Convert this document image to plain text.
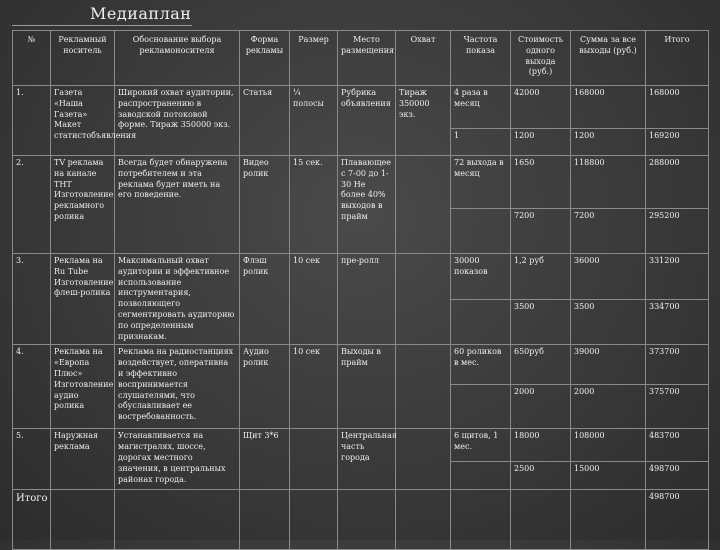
Медиаплан
№	Рекламный носитель	Обоснование выбора рекламоносителя	Форма рекламы	Размер	Место размещения	Охват	Частота показа	Стоимость одного выхода (руб.)	Сумма за все выходы (руб.)	Итого
1.	Газета «Наша Газета» Макет статистобъявления	Широкий охват аудитории, распространению в заводской потоковой форме. Тираж 350000 экз.	Статья	¼ полосы	Рубрика объявления	Тираж 350000 экз.	4 раза в месяц	42000	168000	168000
							1	1200	1200	169200
2.	TV реклама на канале ТНТ Изготовление рекламного ролика	Всегда будет обнаружена потребителем и эта реклама будет иметь на его поведение.	Видео ролик	15 сек.	Плавающее с 7-00 до 1-30 Не более 40% выходов в прайм		72 выхода в месяц	1650	118800	288000
								7200	7200	295200
3.	Реклама на Ru Tube Изготовление флеш-ролика	Максимальный охват аудитории и эффективное использование инструментария, позволяющего сегментировать аудиторию по определенным признакам.	Флэш ролик	10 сек	пре-ролл		30000 показов	1,2 руб	36000	331200
								3500	3500	334700
4.	Реклама на «Европа Плюс» Изготовление аудио ролика	Реклама на радиостанциях воздействует, оперативна и эффективно воспринимается слушателями, что обуславливает ее востребованность.	Аудио ролик	10 сек	Выходы в прайм		60 роликов в мес.	650руб	39000	373700
								2000	2000	375700
5.	Наружная реклама	Устанавливается на магистралях, шоссе, дорогах местного значения, в центральных районах города.	Щит 3*6		Центральная часть города		6 щитов, 1 мес.	18000	108000	483700
								2500	15000	498700
Итого										498700
